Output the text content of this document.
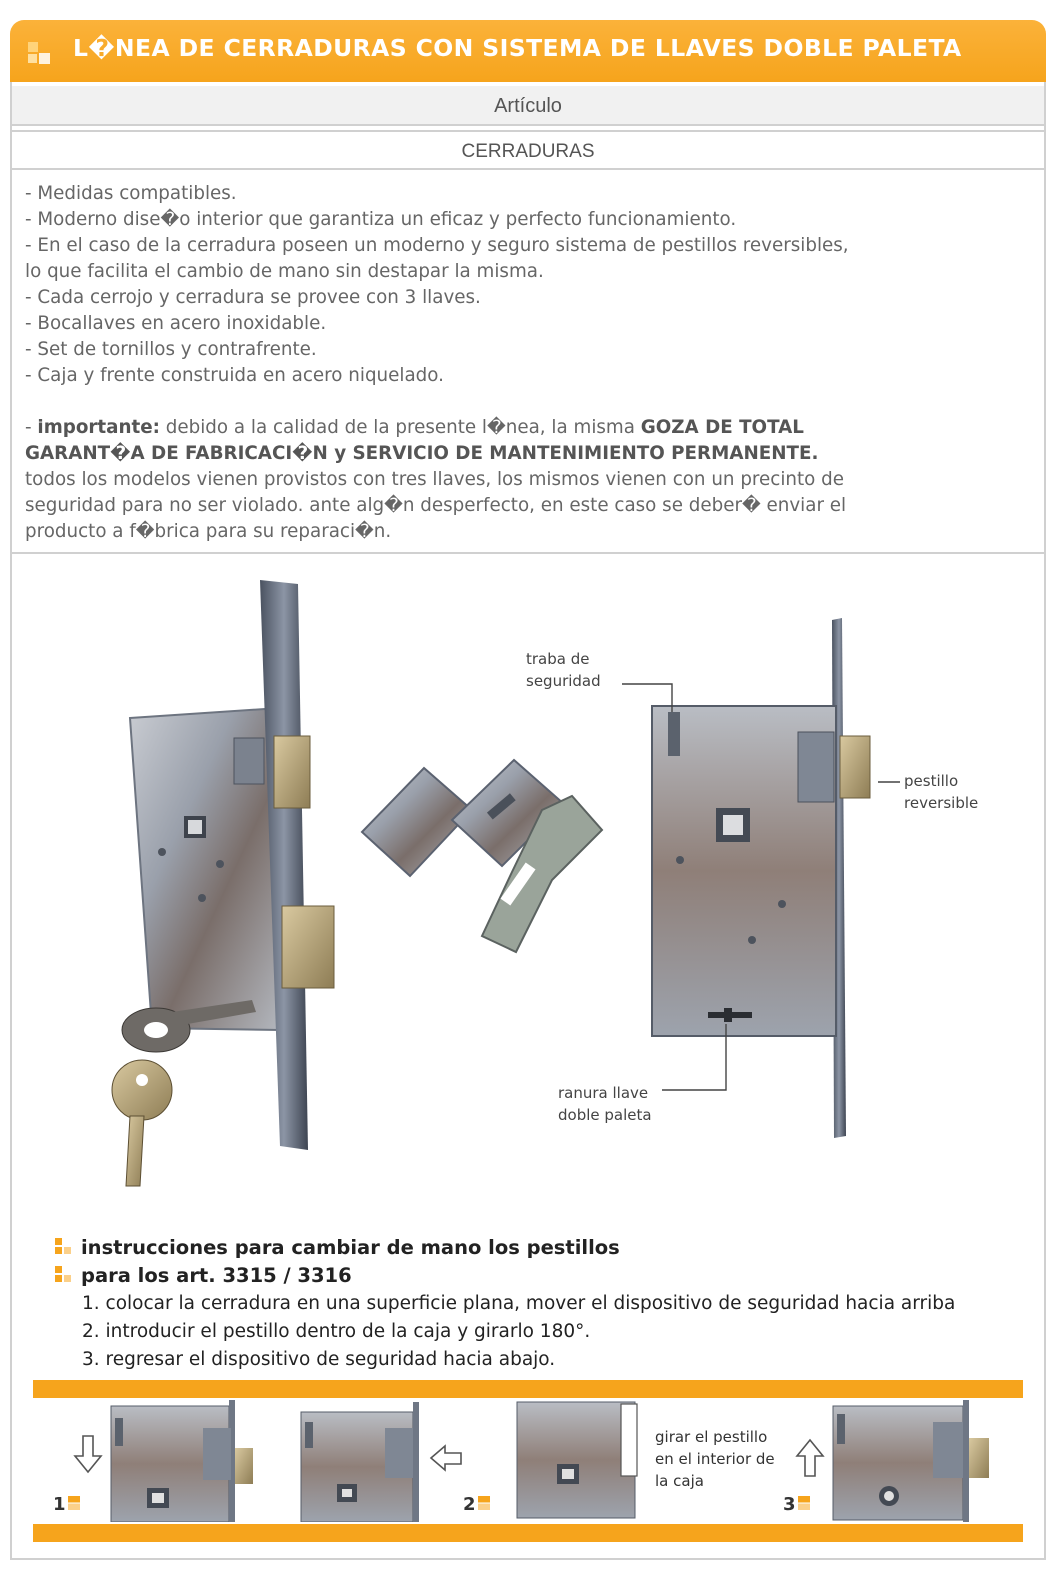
L�NEA DE CERRADURAS CON SISTEMA DE LLAVES DOBLE PALETA
Artículo
CERRADURAS
- Medidas compatibles.
- Moderno dise�o interior que garantiza un eficaz y perfecto funcionamiento.
- En el caso de la cerradura poseen un moderno y seguro sistema de pestillos reversibles,
lo que facilita el cambio de mano sin destapar la misma.
- Cada cerrojo y cerradura se provee con 3 llaves.
- Bocallaves en acero inoxidable.
- Set de tornillos y contrafrente.
- Caja y frente construida en acero niquelado.
- importante: debido a la calidad de la presente l�nea, la misma GOZA DE TOTAL
GARANT�A DE FABRICACI�N y SERVICIO DE MANTENIMIENTO PERMANENTE.
todos los modelos vienen provistos con tres llaves, los mismos vienen con un precinto de
seguridad para no ser violado. ante alg�n desperfecto, en este caso se deber� enviar el
producto a f�brica para su reparaci�n.
traba de
seguridad
pestillo
reversible
ranura llave
doble paleta
instrucciones para cambiar de mano los pestillos
para los art. 3315 / 3316
1. colocar la cerradura en una superficie plana, mover el dispositivo de seguridad hacia arriba
2. introducir el pestillo dentro de la caja y girarlo 180°.
3. regresar el dispositivo de seguridad hacia abajo.
1	2	3
girar el pestillo
en el interior de
la caja
